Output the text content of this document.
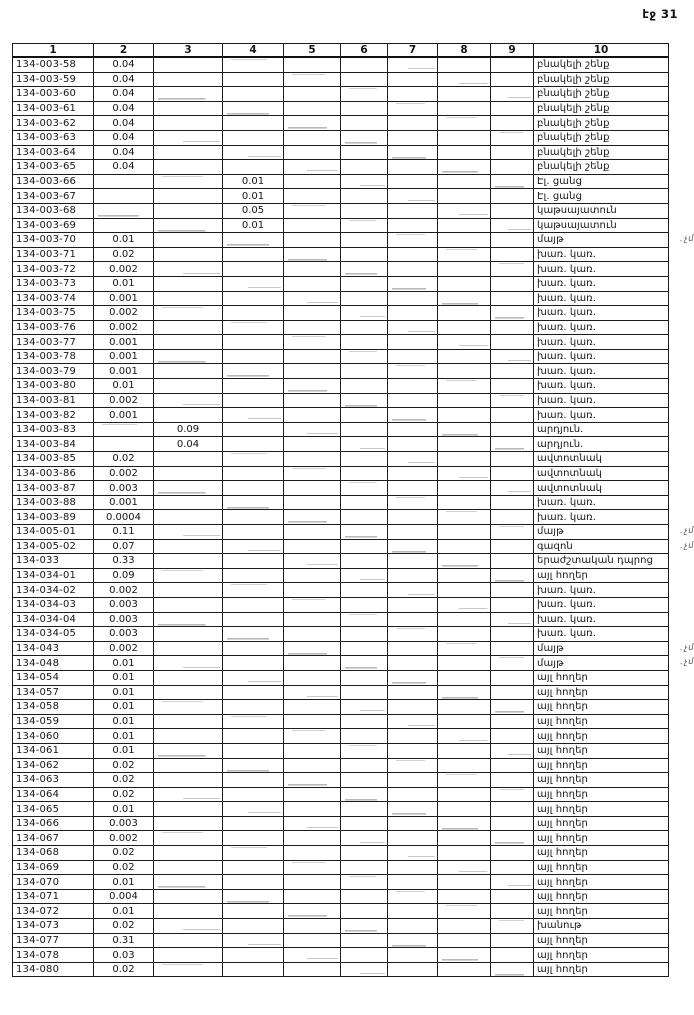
էջ 31
1	2	3	4	5	6	7	8	9	10
134-003-58	0.04								բնակելի շենք
134-003-59	0.04								բնակելի շենք
134-003-60	0.04								բնակելի շենք
134-003-61	0.04								բնակելի շենք
134-003-62	0.04								բնակելի շենք
134-003-63	0.04								բնակելի շենք
134-003-64	0.04								բնակելի շենք
134-003-65	0.04								բնակելի շենք
134-003-66			0.01						Էլ. ցանց
134-003-67			0.01						Էլ. ցանց
134-003-68			0.05						կաթսայատուն
134-003-69			0.01						կաթսայատուն
134-003-70	0.01								մայթ . չմ

134-003-71	0.02								խառ. կառ.
134-003-72	0.002								խառ. կառ.
134-003-73	0.01								խառ. կառ.
134-003-74	0.001								խառ. կառ.
134-003-75	0.002								խառ. կառ.
134-003-76	0.002								խառ. կառ.
134-003-77	0.001								խառ. կառ.
134-003-78	0.001								խառ. կառ.
134-003-79	0.001								խառ. կառ.
134-003-80	0.01								խառ. կառ.
134-003-81	0.002								խառ. կառ.
134-003-82	0.001								խառ. կառ.
134-003-83		0.09							արդյուն.
134-003-84		0.04							արդյուն.
134-003-85	0.02								ավտոտնակ
134-003-86	0.002								ավտոտնակ
134-003-87	0.003								ավտոտնակ
134-003-88	0.001								խառ. կառ.
134-003-89	0.0004								խառ. կառ.
134-005-01	0.11								մայթ . չմ

134-005-02	0.07								գազոն . չմ

134-033	0.33								երաժշտական դպրոց
134-034-01	0.09								այլ հողեր
134-034-02	0.002								խառ. կառ.
134-034-03	0.003								խառ. կառ.
134-034-04	0.003								խառ. կառ.
134-034-05	0.003								խառ. կառ.
134-043	0.002								մայթ . չմ

134-048	0.01								մայթ . չմ

134-054	0.01								այլ հողեր
134-057	0.01								այլ հողեր
134-058	0.01								այլ հողեր
134-059	0.01								այլ հողեր
134-060	0.01								այլ հողեր
134-061	0.01								այլ հողեր
134-062	0.02								այլ հողեր
134-063	0.02								այլ հողեր
134-064	0.02								այլ հողեր
134-065	0.01								այլ հողեր
134-066	0.003								այլ հողեր
134-067	0.002								այլ հողեր
134-068	0.02								այլ հողեր
134-069	0.02								այլ հողեր
134-070	0.01								այլ հողեր
134-071	0.004								այլ հողեր
134-072	0.01								այլ հողեր
134-073	0.02								խանութ
134-077	0.31								այլ հողեր
134-078	0.03								այլ հողեր
134-080	0.02								այլ հողեր
